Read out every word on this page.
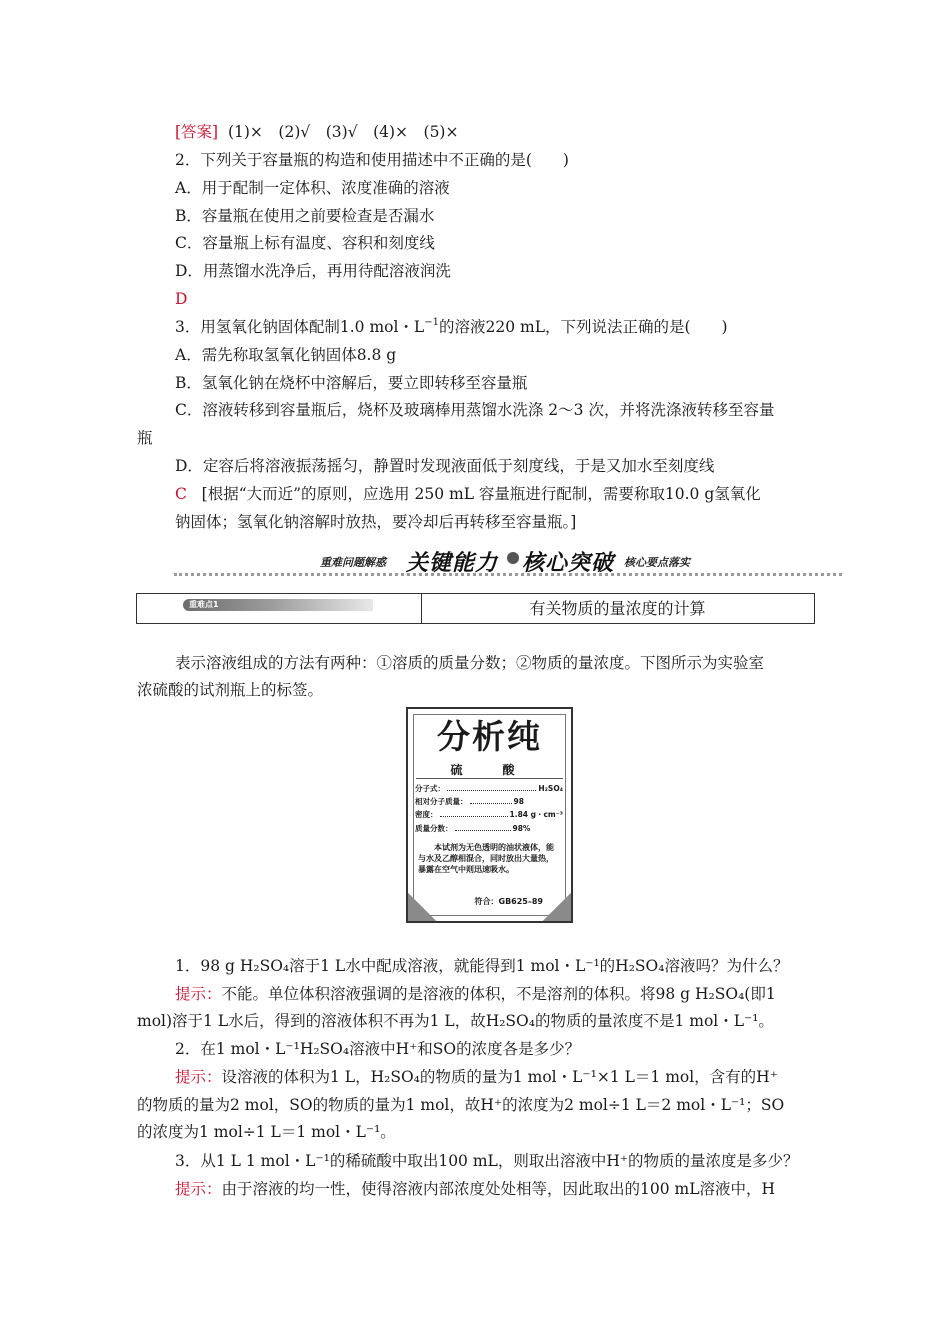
[答案] (1)×　(2)√　(3)√　(4)×　(5)×
2．下列关于容量瓶的构造和使用描述中不正确的是(　　)
A．用于配制一定体积、浓度准确的溶液
B．容量瓶在使用之前要检查是否漏水
C．容量瓶上标有温度、容积和刻度线
D．用蒸馏水洗净后，再用待配溶液润洗
D
3．用氢氧化钠固体配制1.0 mol・$L^{-1}$的溶液220 mL，下列说法正确的是(　　)
A．需先称取氢氧化钠固体8.8 g
B．氢氧化钠在烧杯中溶解后，要立即转移至容量瓶
C．溶液转移到容量瓶后，烧杯及玻璃棒用蒸馏水洗涤 2～3 次，并将洗涤液转移至容量
瓶
D．定容后将溶液振荡摇匀，静置时发现液面低于刻度线，于是又加水至刻度线
C [根据“大而近”的原则，应选用 250 mL 容量瓶进行配制，需要称取10.0 g氢氧化
钠固体；氢氧化钠溶解时放热，要冷却后再转移至容量瓶。]
重难问题解惑 关键能力 核心突破 核心要点落实
重难点1	有关物质的量浓度的计算
表示溶液组成的方法有两种：①溶质的质量分数；②物质的量浓度。下图所示为实验室
浓硫酸的试剂瓶上的标签。
分析纯
硫　酸
分子式：	H₂SO₄
相对分子质量：	98
密度：	1.84 g・cm⁻³
质量分数：	98%
本试剂为无色透明的油状液体，能与水及乙醇相混合，同时放出大量热，暴露在空气中则迅速吸水。
符合：GB625–89
1．98 g H₂SO₄溶于1 L水中配成溶液，就能得到1 mol・L⁻¹的H₂SO₄溶液吗？为什么？
提示：不能。单位体积溶液强调的是溶液的体积，不是溶剂的体积。将98 g H₂SO₄(即1
mol)溶于1 L水后，得到的溶液体积不再为1 L，故H₂SO₄的物质的量浓度不是1 mol・L⁻¹。
2．在1 mol・L⁻¹H₂SO₄溶液中H⁺和SO的浓度各是多少？
提示：设溶液的体积为1 L，H₂SO₄的物质的量为1 mol・L⁻¹×1 L＝1 mol，含有的H⁺
的物质的量为2 mol，SO的物质的量为1 mol，故H⁺的浓度为2 mol÷1 L＝2 mol・L⁻¹；SO
的浓度为1 mol÷1 L＝1 mol・L⁻¹。
3．从1 L 1 mol・L⁻¹的稀硫酸中取出100 mL，则取出溶液中H⁺的物质的量浓度是多少？
提示：由于溶液的均一性，使得溶液内部浓度处处相等，因此取出的100 mL溶液中，H
